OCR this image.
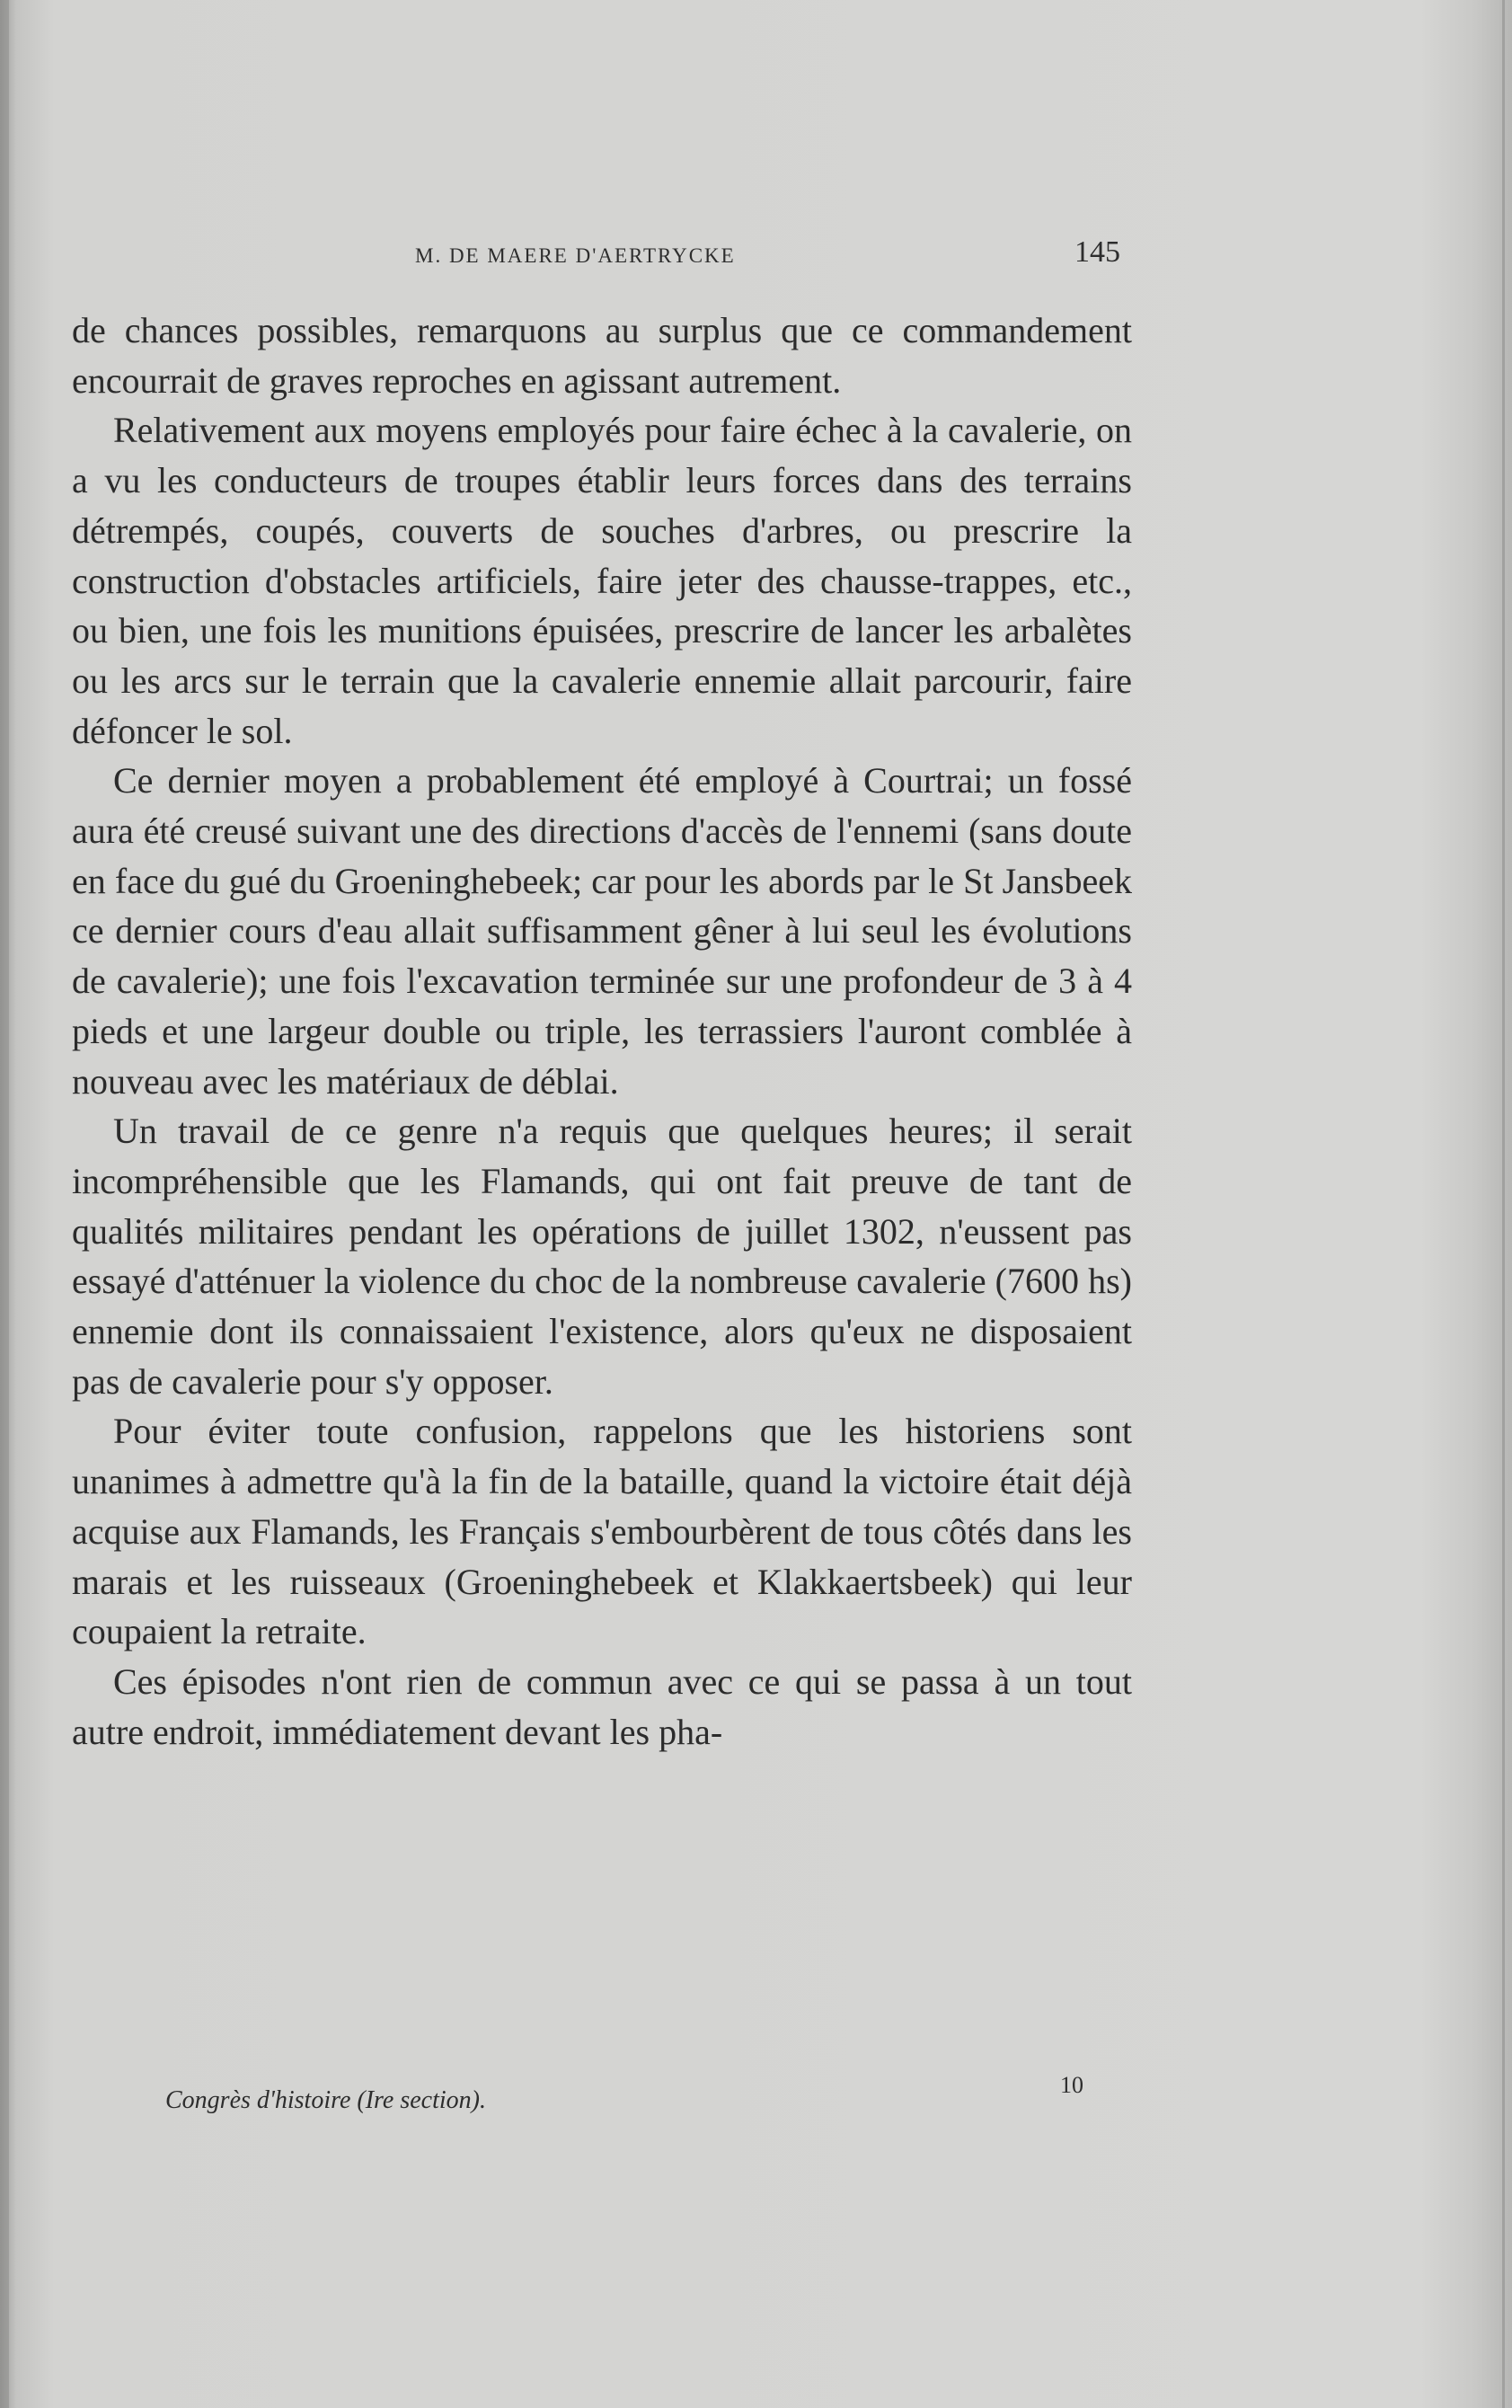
M. DE MAERE D'AERTRYCKE	145

de chances possibles, remarquons au surplus que ce commandement encourrait de graves reproches en agissant autrement.

Relativement aux moyens employés pour faire échec à la cavalerie, on a vu les conducteurs de troupes établir leurs forces dans des terrains détrempés, coupés, couverts de souches d'arbres, ou prescrire la construction d'obstacles artificiels, faire jeter des chausse-trappes, etc., ou bien, une fois les munitions épuisées, prescrire de lancer les arbalètes ou les arcs sur le terrain que la cavalerie ennemie allait parcourir, faire défoncer le sol.

Ce dernier moyen a probablement été employé à Courtrai; un fossé aura été creusé suivant une des directions d'accès de l'ennemi (sans doute en face du gué du Groeninghebeek; car pour les abords par le St Jansbeek ce dernier cours d'eau allait suffisamment gêner à lui seul les évolutions de cavalerie); une fois l'excavation terminée sur une profondeur de 3 à 4 pieds et une largeur double ou triple, les terrassiers l'auront comblée à nouveau avec les matériaux de déblai.

Un travail de ce genre n'a requis que quelques heures; il serait incompréhensible que les Flamands, qui ont fait preuve de tant de qualités militaires pendant les opérations de juillet 1302, n'eussent pas essayé d'atténuer la violence du choc de la nombreuse cavalerie (7600 hs) ennemie dont ils connaissaient l'existence, alors qu'eux ne disposaient pas de cavalerie pour s'y opposer.

Pour éviter toute confusion, rappelons que les historiens sont unanimes à admettre qu'à la fin de la bataille, quand la victoire était déjà acquise aux Flamands, les Français s'embourbèrent de tous côtés dans les marais et les ruisseaux (Groeninghebeek et Klakkaertsbeek) qui leur coupaient la retraite.

Ces épisodes n'ont rien de commun avec ce qui se passa à un tout autre endroit, immédiatement devant les pha-

Congrès d'histoire (Ire section).
10
